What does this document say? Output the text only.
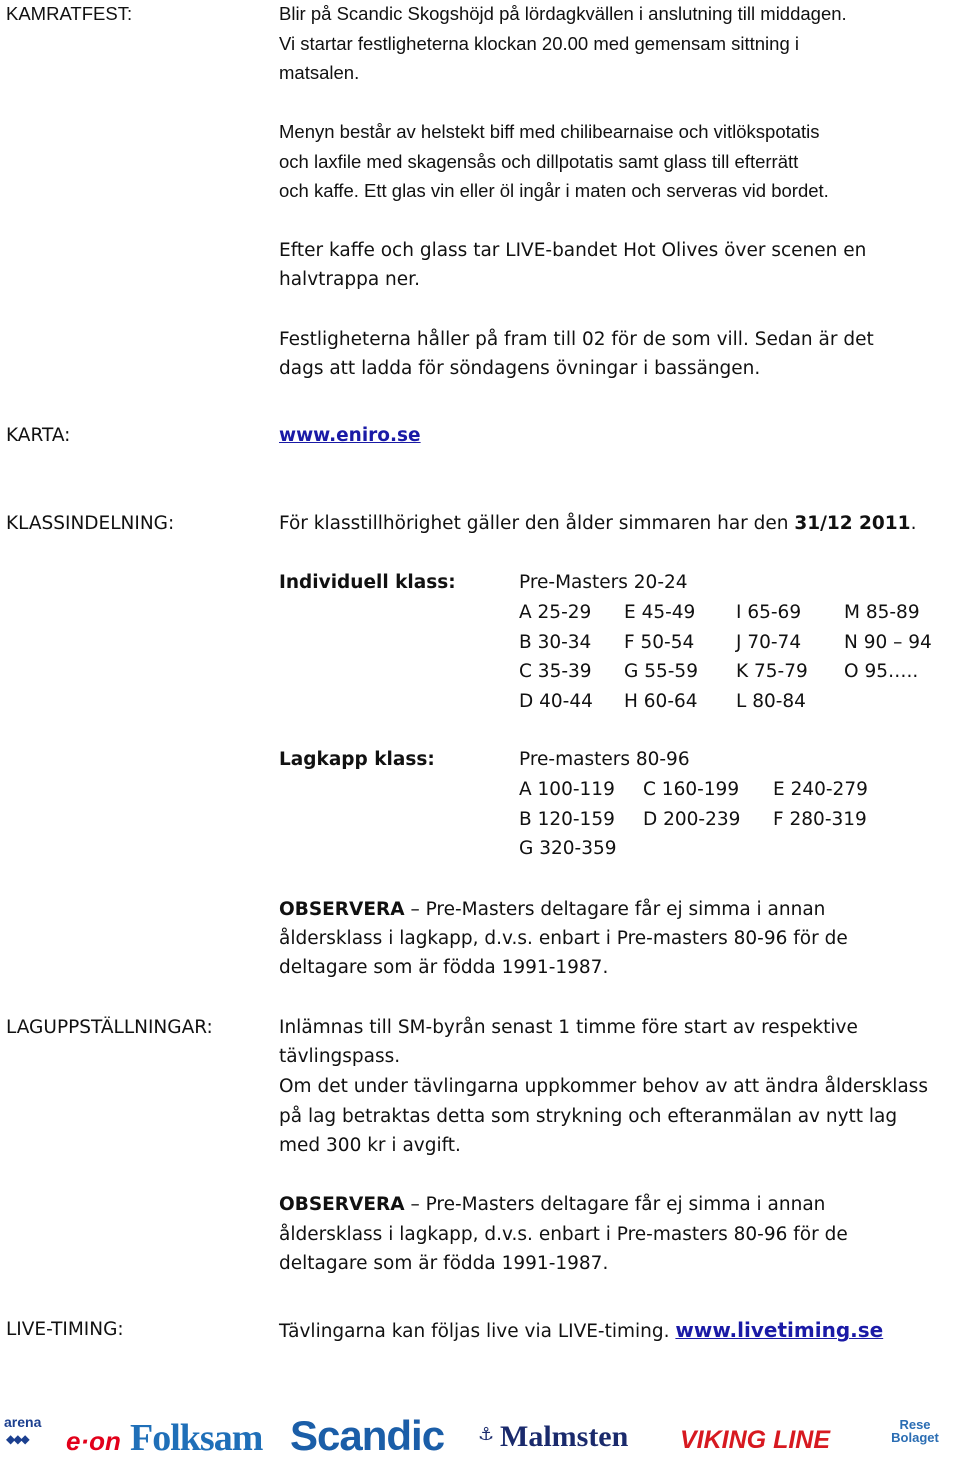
KAMRATFEST:	Blir på Scandic Skogshöjd på lördagkvällen i anslutning till middagen.
Vi startar festligheterna klockan 20.00 med gemensam sittning i
matsalen.
Menyn består av helstekt biff med chilibearnaise och vitlökspotatis
och laxfile med skagensås och dillpotatis samt glass till efterrätt
och kaffe. Ett glas vin eller öl ingår i maten och serveras vid bordet.
Efter kaffe och glass tar LIVE-bandet Hot Olives över scenen en
halvtrappa ner.
Festligheterna håller på fram till 02 för de som vill. Sedan är det
dags att ladda för söndagens övningar i bassängen.
KARTA:	www.eniro.se
KLASSINDELNING:	För klasstillhörighet gäller den ålder simmaren har den 31/12 2011.
Individuell klass:	Pre-Masters 20-24
A 25-29 E 45-49 I 65-69 M 85-89
B 30-34 F 50-54 J 70-74 N 90 – 94
C 35-39 G 55-59 K 75-79 O 95…..
D 40-44 H 60-64 L 80-84
Lagkapp klass:	Pre-masters 80-96
A 100-119 C 160-199 E 240-279
B 120-159 D 200-239 F 280-319
G 320-359
OBSERVERA – Pre-Masters deltagare får ej simma i annan
åldersklass i lagkapp, d.v.s. enbart i Pre-masters 80-96 för de
deltagare som är födda 1991-1987.
LAGUPPSTÄLLNINGAR:	Inlämnas till SM-byrån senast 1 timme före start av respektive
tävlingspass.
Om det under tävlingarna uppkommer behov av att ändra åldersklass
på lag betraktas detta som strykning och efteranmälan av nytt lag
med 300 kr i avgift.
OBSERVERA – Pre-Masters deltagare får ej simma i annan
åldersklass i lagkapp, d.v.s. enbart i Pre-masters 80-96 för de
deltagare som är födda 1991-1987.
LIVE-TIMING:	Tävlingarna kan följas live via LIVE-timing. www.livetiming.se
arena
◆◆◆ e·on Folksam Scandic ⚓ Malmsten VIKING LINE
Rese Bolaget
